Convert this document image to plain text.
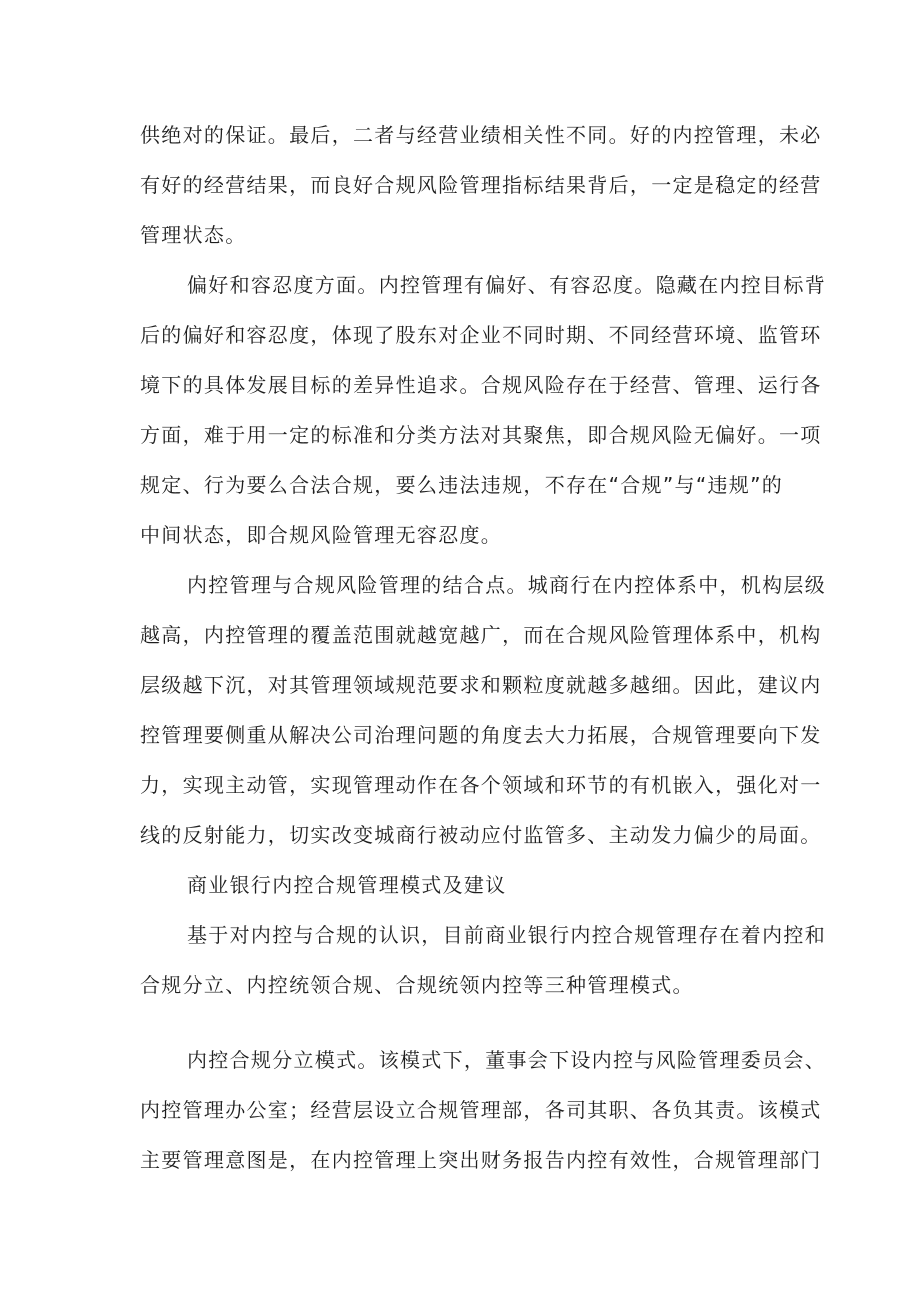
供绝对的保证。最后，二者与经营业绩相关性不同。好的内控管理，未必
有好的经营结果，而良好合规风险管理指标结果背后，一定是稳定的经营
管理状态。
偏好和容忍度方面。内控管理有偏好、有容忍度。隐藏在内控目标背
后的偏好和容忍度，体现了股东对企业不同时期、不同经营环境、监管环
境下的具体发展目标的差异性追求。合规风险存在于经营、管理、运行各
方面，难于用一定的标准和分类方法对其聚焦，即合规风险无偏好。一项
规定、行为要么合法合规，要么违法违规，不存在“合规”与“违规”的
中间状态，即合规风险管理无容忍度。
内控管理与合规风险管理的结合点。城商行在内控体系中，机构层级
越高，内控管理的覆盖范围就越宽越广，而在合规风险管理体系中，机构
层级越下沉，对其管理领域规范要求和颗粒度就越多越细。因此，建议内
控管理要侧重从解决公司治理问题的角度去大力拓展，合规管理要向下发
力，实现主动管，实现管理动作在各个领域和环节的有机嵌入，强化对一
线的反射能力，切实改变城商行被动应付监管多、主动发力偏少的局面。
商业银行内控合规管理模式及建议
基于对内控与合规的认识，目前商业银行内控合规管理存在着内控和
合规分立、内控统领合规、合规统领内控等三种管理模式。
内控合规分立模式。该模式下，董事会下设内控与风险管理委员会、
内控管理办公室；经营层设立合规管理部，各司其职、各负其责。该模式
主要管理意图是，在内控管理上突出财务报告内控有效性，合规管理部门
